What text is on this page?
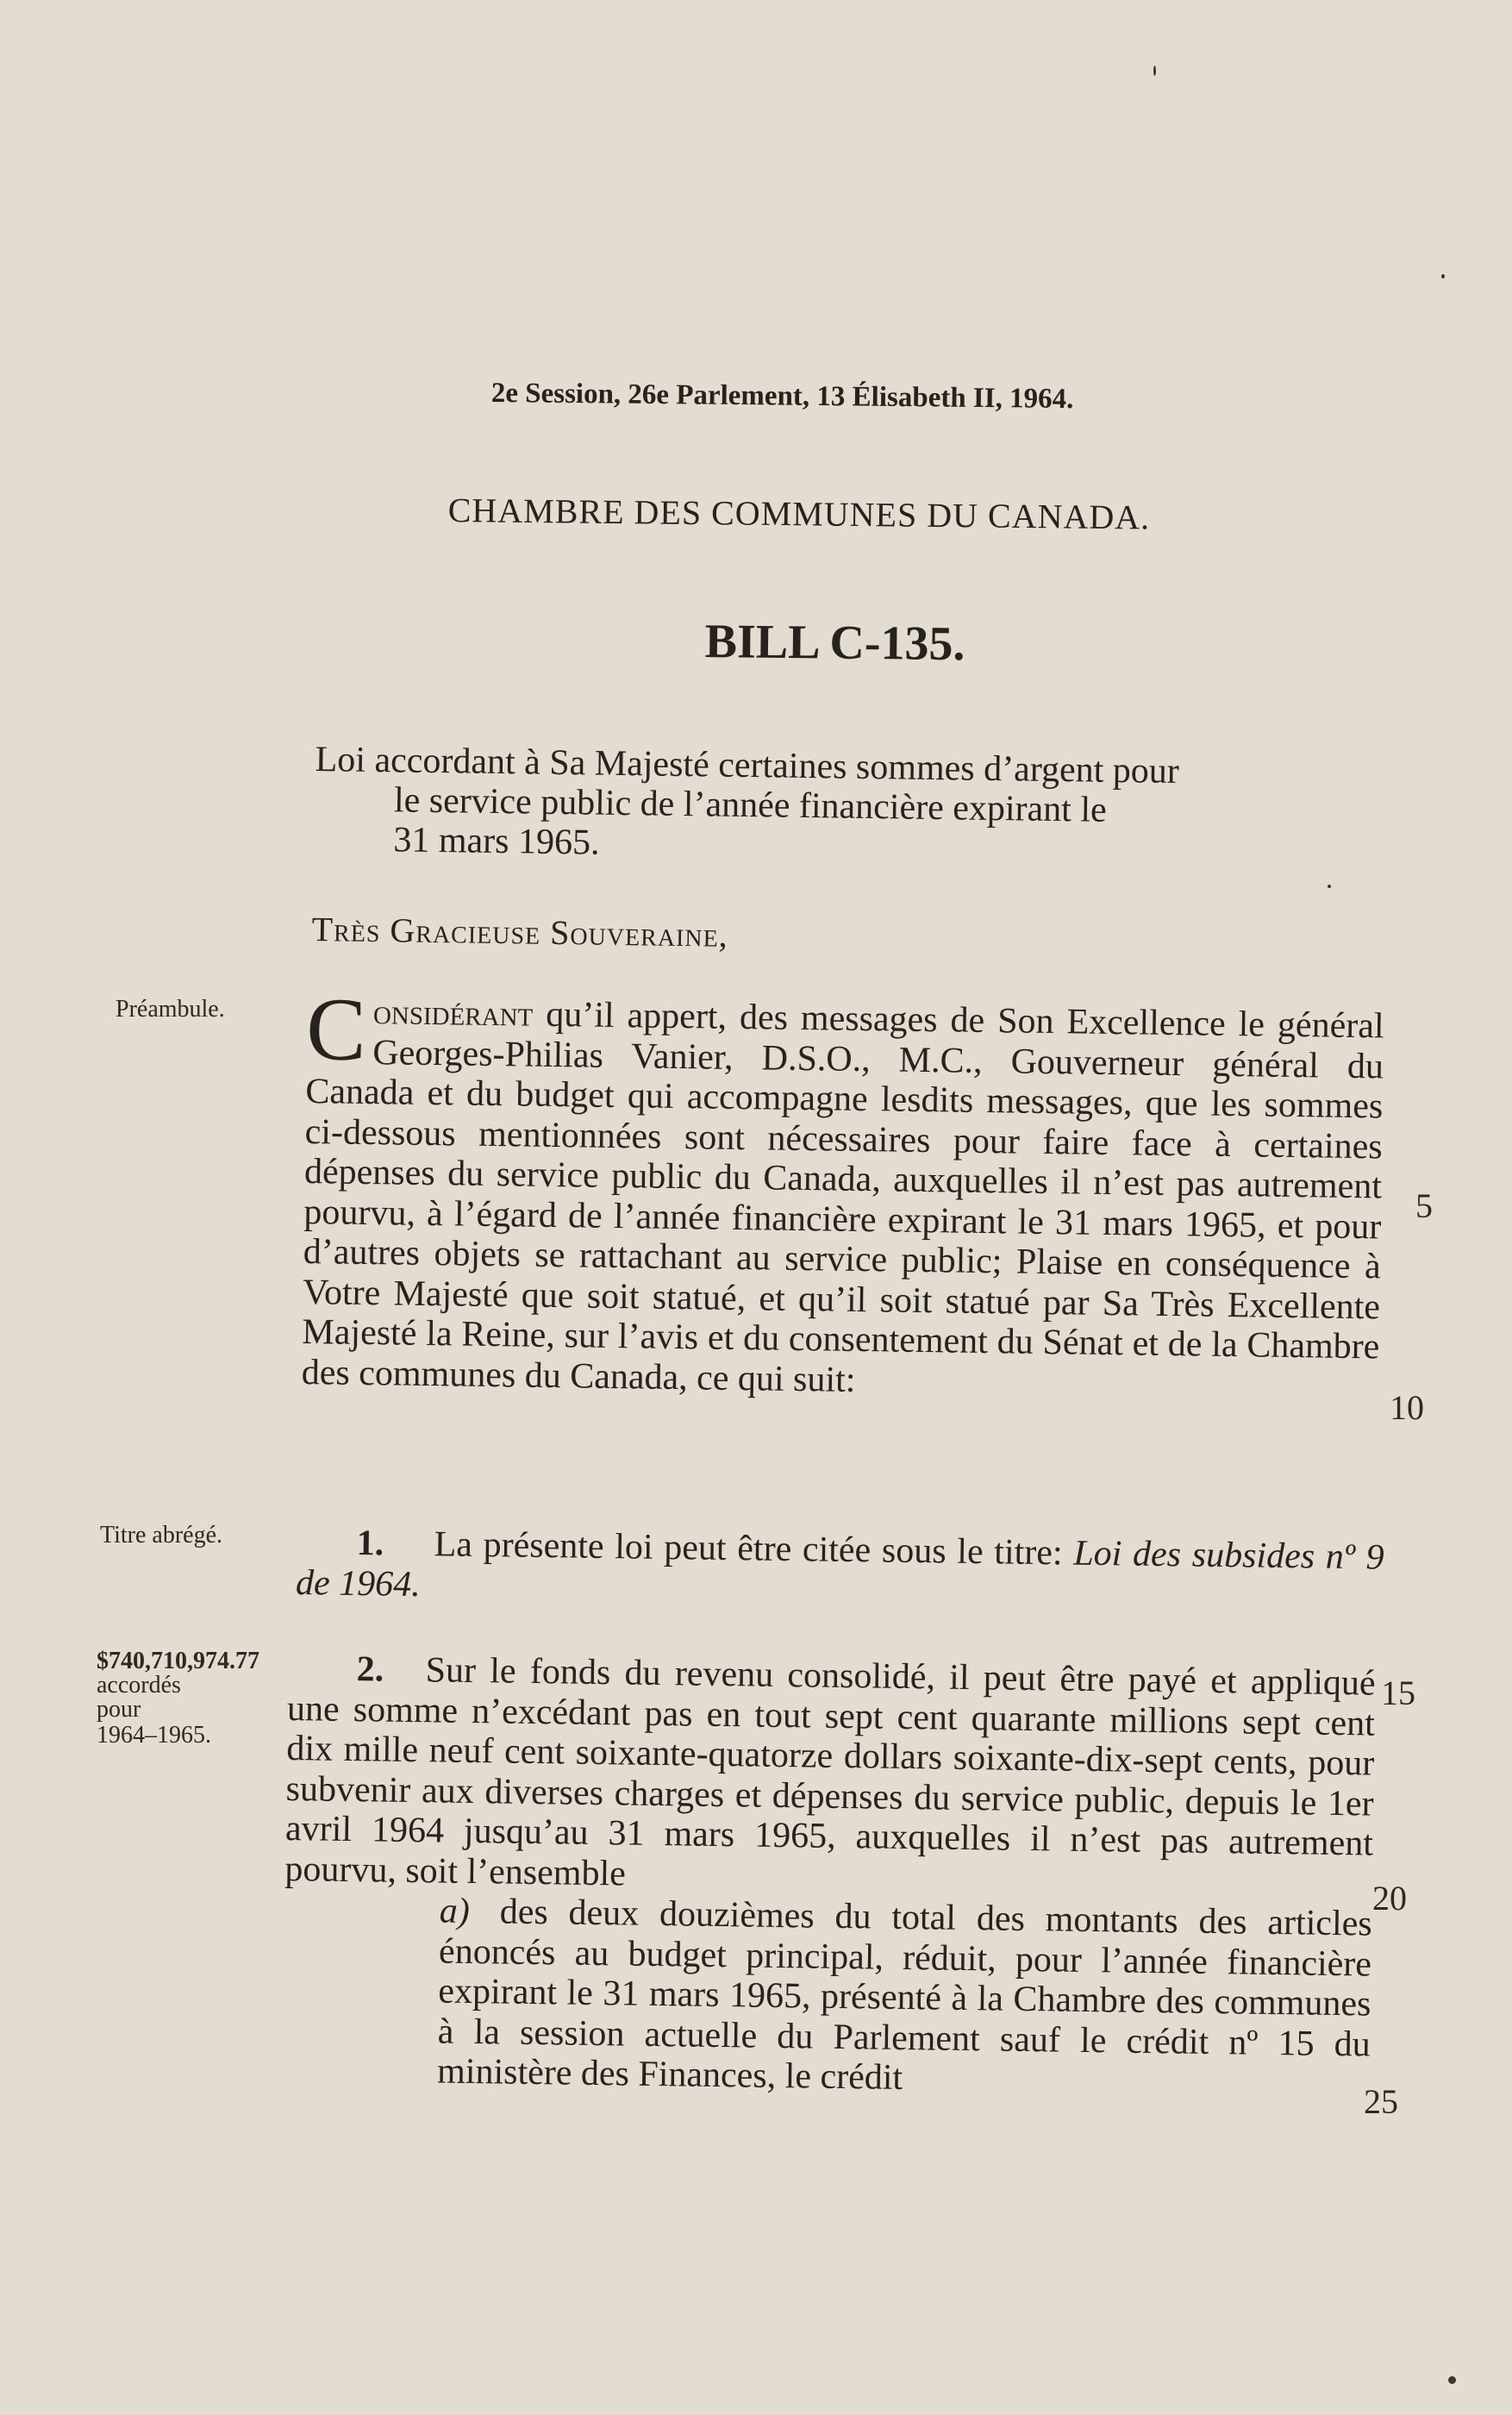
2e Session, 26e Parlement, 13 Élisabeth II, 1964.
CHAMBRE DES COMMUNES DU CANADA.
BILL C-135.
Loi accordant à Sa Majesté certaines sommes d’argent pour
le service public de l’année financière expirant le
31 mars 1965.
Très Gracieuse Souveraine,
Préambule.
Titre abrégé.
$740,710,974.77
accordés
pour
1964–1965.

Considérant qu’il appert, des messages de Son Excellence le général Georges-Philias Vanier, D.S.O., M.C., Gouverneur général du Canada et du budget qui accompagne lesdits messages, que les sommes ci-dessous mentionnées sont nécessaires pour faire face à certaines dépenses du service public du Canada, auxquelles il n’est pas autrement pourvu, à l’égard de l’année financière expirant le 31 mars 1965, et pour d’autres objets se rattachant au service public; Plaise en conséquence à Votre Majesté que soit statué, et qu’il soit statué par Sa Très Excellente Majesté la Reine, sur l’avis et du consentement du Sénat et de la Chambre des communes du Canada, ce qui suit:

1. La présente loi peut être citée sous le titre: Loi des subsides nº 9 de 1964.

2. Sur le fonds du revenu consolidé, il peut être payé et appliqué une somme n’excédant pas en tout sept cent quarante millions sept cent dix mille neuf cent soixante-quatorze dollars soixante-dix-sept cents, pour subvenir aux diverses charges et dépenses du service public, depuis le 1er avril 1964 jusqu’au 31 mars 1965, auxquelles il n’est pas autrement pourvu, soit l’ensemble

a) des deux douzièmes du total des montants des articles énoncés au budget principal, réduit, pour l’année financière expirant le 31 mars 1965, présenté à la Chambre des communes à la session actuelle du Parlement sauf le crédit nº 15 du ministère des Finances, le crédit

5
10
15
20
25
